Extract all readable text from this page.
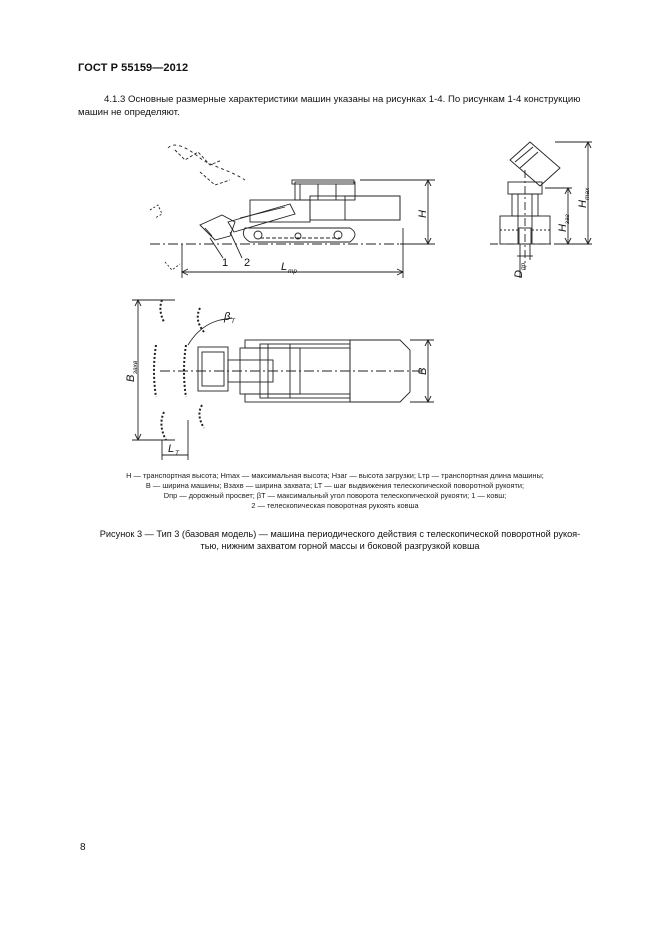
ГОСТ Р 55159—2012
4.1.3 Основные размерные характеристики машин указаны на рисунках 1-4. По рисункам 1-4 конструкцию машин не определяют.
1 2	L тр
H
H
max
H
заг
D
пр
B
захв	B
β T
L T
H — транспортная высота; Hmax — максимальная высота; Hзаг — высота загрузки; Lтр — транспортная длина машины;
B — ширина машины; Bзахв — ширина захвата; LT — шаг выдвижения телескопической поворотной рукояти;
Dпр — дорожный просвет; βT — максимальный угол поворота телескопической рукояти; 1 — ковш;
2 — телескопическая поворотная рукоять ковша
Рисунок 3 — Тип 3 (базовая модель) — машина периодического действия с телескопической поворотной рукоя-
тью, нижним захватом горной массы и боковой разгрузкой ковша
8
